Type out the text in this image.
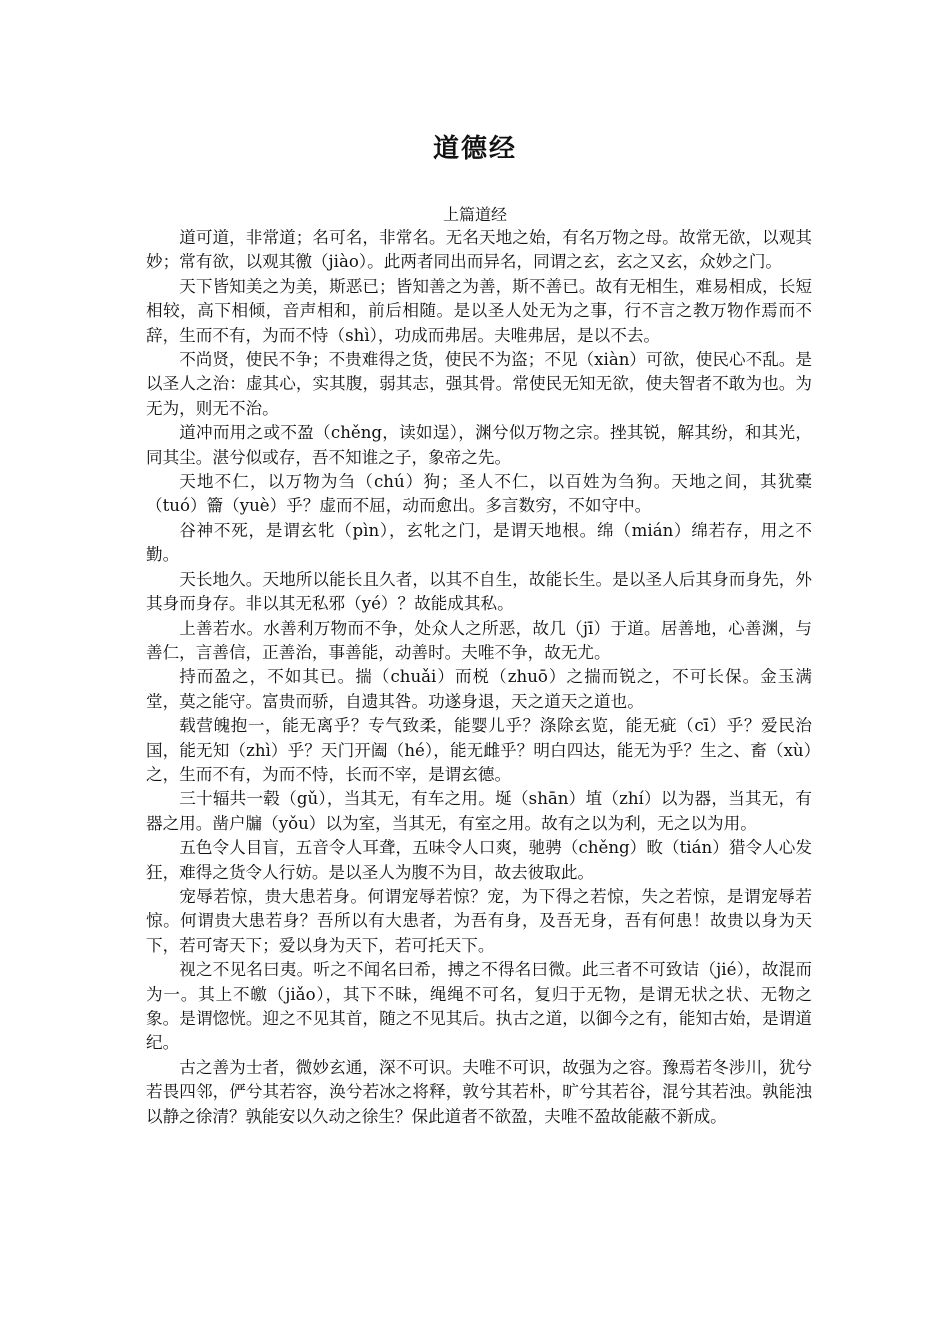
道德经
上篇道经

道可道，非常道；名可名，非常名。无名天地之始，有名万物之母。故常无欲，以观其妙；常有欲，以观其徼（jiào）。此两者同出而异名，同谓之玄，玄之又玄，众妙之门。

天下皆知美之为美，斯恶已；皆知善之为善，斯不善已。故有无相生，难易相成，长短相较，高下相倾，音声相和，前后相随。是以圣人处无为之事，行不言之教万物作焉而不辞，生而不有，为而不恃（shì），功成而弗居。夫唯弗居，是以不去。

不尚贤，使民不争；不贵难得之货，使民不为盗；不见（xiàn）可欲，使民心不乱。是以圣人之治：虚其心，实其腹，弱其志，强其骨。常使民无知无欲，使夫智者不敢为也。为无为，则无不治。

道冲而用之或不盈（chěng，读如逞），渊兮似万物之宗。挫其锐，解其纷，和其光，同其尘。湛兮似或存，吾不知谁之子，象帝之先。

天地不仁，以万物为刍（chú）狗；圣人不仁，以百姓为刍狗。天地之间，其犹橐（tuó）籥（yuè）乎？虚而不屈，动而愈出。多言数穷，不如守中。

谷神不死，是谓玄牝（pìn），玄牝之门，是谓天地根。绵（mián）绵若存，用之不勤。

天长地久。天地所以能长且久者，以其不自生，故能长生。是以圣人后其身而身先，外其身而身存。非以其无私邪（yé）？故能成其私。

上善若水。水善利万物而不争，处众人之所恶，故几（jī）于道。居善地，心善渊，与善仁，言善信，正善治，事善能，动善时。夫唯不争，故无尤。

持而盈之，不如其已。揣（chuǎi）而棁（zhuō）之揣而锐之，不可长保。金玉满堂，莫之能守。富贵而骄，自遗其咎。功遂身退，天之道天之道也。

载营魄抱一，能无离乎？专气致柔，能婴儿乎？涤除玄览，能无疵（cī）乎？爱民治国，能无知（zhì）乎？天门开阖（hé），能无雌乎？明白四达，能无为乎？生之、畜（xù）之，生而不有，为而不恃，长而不宰，是谓玄德。

三十辐共一毂（gǔ），当其无，有车之用。埏（shān）埴（zhí）以为器，当其无，有器之用。凿户牖（yǒu）以为室，当其无，有室之用。故有之以为利，无之以为用。

五色令人目盲，五音令人耳聋，五味令人口爽，驰骋（chěng）畋（tián）猎令人心发狂，难得之货令人行妨。是以圣人为腹不为目，故去彼取此。

宠辱若惊，贵大患若身。何谓宠辱若惊？宠，为下得之若惊，失之若惊，是谓宠辱若惊。何谓贵大患若身？吾所以有大患者，为吾有身，及吾无身，吾有何患！故贵以身为天下，若可寄天下；爱以身为天下，若可托天下。

视之不见名曰夷。听之不闻名曰希，搏之不得名曰微。此三者不可致诘（jié），故混而为一。其上不皦（jiǎo），其下不昧，绳绳不可名，复归于无物，是谓无状之状、无物之象。是谓惚恍。迎之不见其首，随之不见其后。执古之道，以御今之有，能知古始，是谓道纪。

古之善为士者，微妙玄通，深不可识。夫唯不可识，故强为之容。豫焉若冬涉川，犹兮若畏四邻，俨兮其若容，涣兮若冰之将释，敦兮其若朴，旷兮其若谷，混兮其若浊。孰能浊以静之徐清？孰能安以久动之徐生？保此道者不欲盈，夫唯不盈故能蔽不新成。
